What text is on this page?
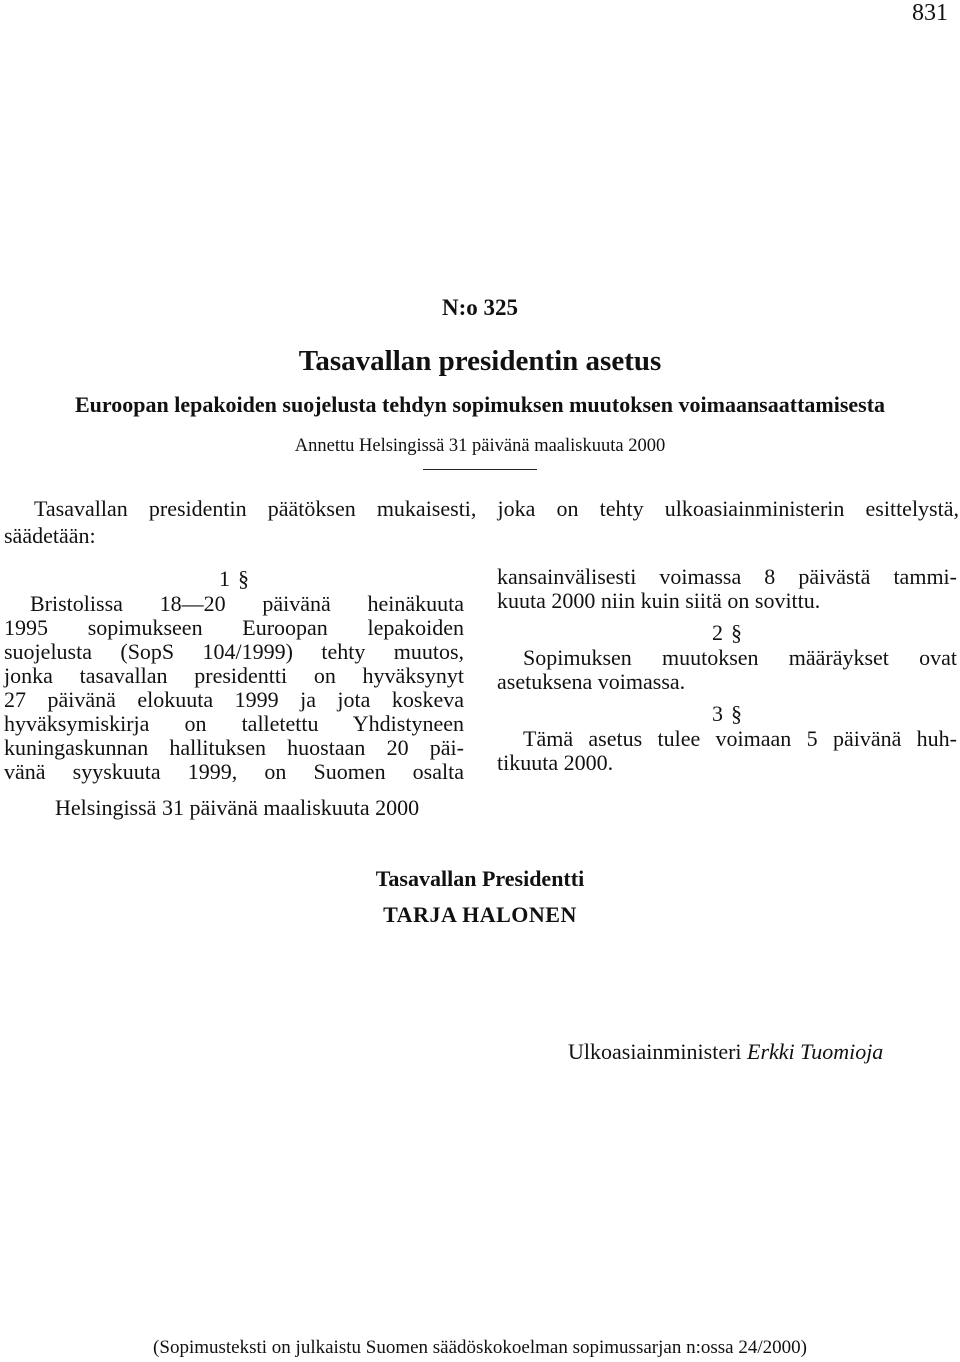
831
N:o 325
Tasavallan presidentin asetus
Euroopan lepakoiden suojelusta tehdyn sopimuksen muutoksen voimaansaattamisesta
Annettu Helsingissä 31 päivänä maaliskuuta 2000
Tasavallan presidentin päätöksen mukaisesti, joka on tehty ulkoasiainministerin esittelystä,
säädetään:
1 §
Bristolissa 18—20 päivänä heinäkuuta
1995 sopimukseen Euroopan lepakoiden
suojelusta (SopS 104/1999) tehty muutos,
jonka tasavallan presidentti on hyväksynyt
27 päivänä elokuuta 1999 ja jota koskeva
hyväksymiskirja on talletettu Yhdistyneen
kuningaskunnan hallituksen huostaan 20 päi-
vänä syyskuuta 1999, on Suomen osalta
kansainvälisesti voimassa 8 päivästä tammi-
kuuta 2000 niin kuin siitä on sovittu.
2 §
Sopimuksen muutoksen määräykset ovat
asetuksena voimassa.
3 §
Tämä asetus tulee voimaan 5 päivänä huh-
tikuuta 2000.
Helsingissä 31 päivänä maaliskuuta 2000
Tasavallan Presidentti
TARJA HALONEN
Ulkoasiainministeri Erkki Tuomioja
(Sopimusteksti on julkaistu Suomen säädöskokoelman sopimussarjan n:ossa 24/2000)
